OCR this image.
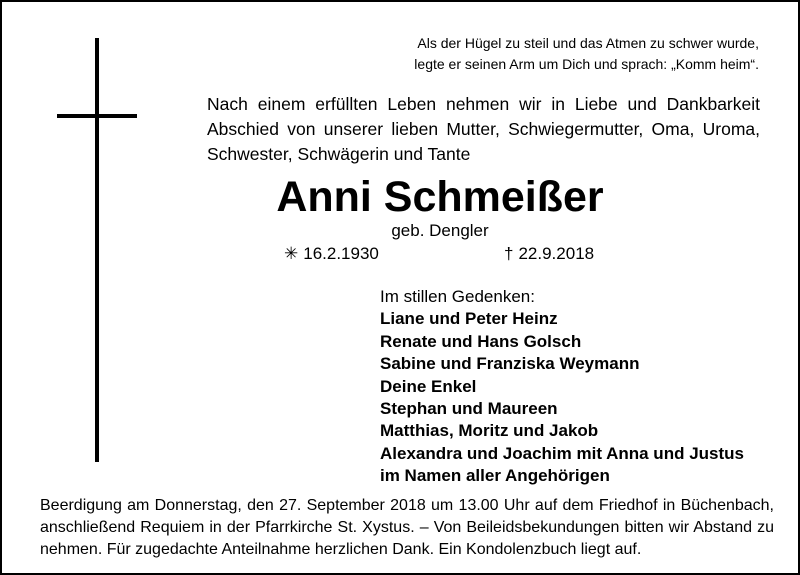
Als der Hügel zu steil und das Atmen zu schwer wurde,
legte er seinen Arm um Dich und sprach: „Komm heim“.
Nach einem erfüllten Leben nehmen wir in Liebe und Dankbarkeit
Abschied von unserer lieben Mutter, Schwiegermutter, Oma, Uroma,
Schwester, Schwägerin und Tante
Anni Schmeißer
geb. Dengler
✳ 16.2.1930	† 22.9.2018
Im stillen Gedenken:
Liane und Peter Heinz
Renate und Hans Golsch
Sabine und Franziska Weymann
Deine Enkel
Stephan und Maureen
Matthias, Moritz und Jakob
Alexandra und Joachim mit Anna und Justus
im Namen aller Angehörigen
Beerdigung am Donnerstag, den 27. September 2018 um 13.00 Uhr auf dem Friedhof in Büchenbach,
anschließend Requiem in der Pfarrkirche St. Xystus. – Von Beileidsbekundungen bitten wir Abstand zu
nehmen. Für zugedachte Anteilnahme herzlichen Dank. Ein Kondolenzbuch liegt auf.
